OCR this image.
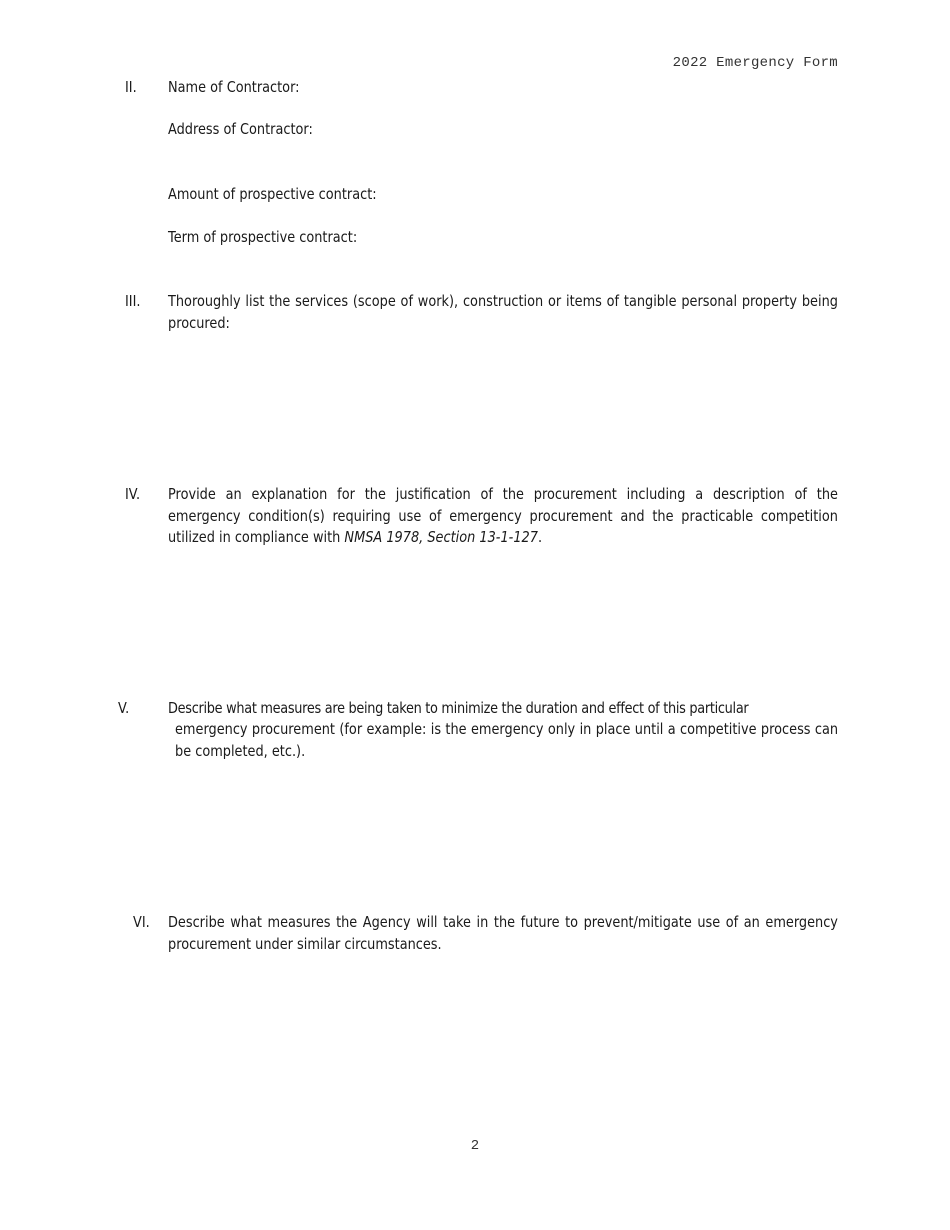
2022 Emergency Form
II. Name of Contractor:
Address of Contractor:
Amount of prospective contract:
Term of prospective contract:
III. Thoroughly list the services (scope of work), construction or items of tangible personal property being procured:
IV. Provide an explanation for the justification of the procurement including a description of the emergency condition(s) requiring use of emergency procurement and the practicable competition utilized in compliance with NMSA 1978, Section 13-1-127.
V.	Describe what measures are being taken to minimize the duration and effect of this particular
emergency procurement (for example: is the emergency only in place until a competitive process can be completed, etc.).
VI. Describe what measures the Agency will take in the future to prevent/mitigate use of an emergency procurement under similar circumstances.
2
